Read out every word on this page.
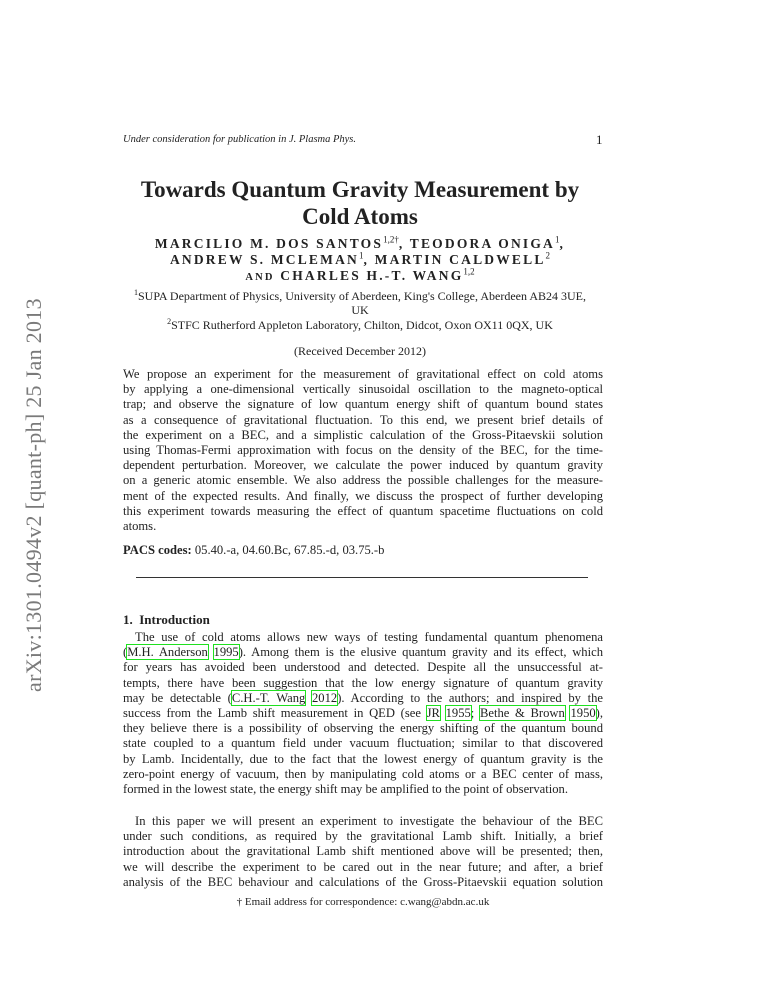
arXiv:1301.0494v2 [quant-ph] 25 Jan 2013
Under consideration for publication in J. Plasma Phys.	1
Towards Quantum Gravity Measurement by
Cold Atoms
MARCILIO M. DOS $SANTOS^{1,2\dagger}$, TEODORA ONIGA$^1$,
ANDREW S. MCLEMAN$^1$, MARTIN CALDWELL$^2$
AND CHARLES H.-T. WANG$^{1,2}$
$^1$SUPA Department of Physics, University of Aberdeen, King's College, Aberdeen AB24 3UE,
UK
$^2$STFC Rutherford Appleton Laboratory, Chilton, Didcot, Oxon OX11 0QX, UK
(Received December 2012)
We propose an experiment for the measurement of gravitational effect on cold atoms
by applying a one-dimensional vertically sinusoidal oscillation to the magneto-optical
trap; and observe the signature of low quantum energy shift of quantum bound states
as a consequence of gravitational fluctuation. To this end, we present brief details of
the experiment on a BEC, and a simplistic calculation of the Gross-Pitaevskii solution
using Thomas-Fermi approximation with focus on the density of the BEC, for the time-
dependent perturbation. Moreover, we calculate the power induced by quantum gravity
on a generic atomic ensemble. We also address the possible challenges for the measure-
ment of the expected results. And finally, we discuss the prospect of further developing
this experiment towards measuring the effect of quantum spacetime fluctuations on cold
atoms.
PACS codes: 05.40.-a, 04.60.Bc, 67.85.-d, 03.75.-b
1. Introduction
The use of cold atoms allows new ways of testing fundamental quantum phenomena
(M.H. Anderson 1995). Among them is the elusive quantum gravity and its effect, which
for years has avoided been understood and detected. Despite all the unsuccessful at-
tempts, there have been suggestion that the low energy signature of quantum gravity
may be detectable (C.H.-T. Wang 2012). According to the authors; and inspired by the
success from the Lamb shift measurement in QED (see JR 1955; Bethe & Brown 1950),
they believe there is a possibility of observing the energy shifting of the quantum bound
state coupled to a quantum field under vacuum fluctuation; similar to that discovered
by Lamb. Incidentally, due to the fact that the lowest energy of quantum gravity is the
zero-point energy of vacuum, then by manipulating cold atoms or a BEC center of mass,
formed in the lowest state, the energy shift may be amplified to the point of observation.
In this paper we will present an experiment to investigate the behaviour of the BEC
under such conditions, as required by the gravitational Lamb shift. Initially, a brief
introduction about the gravitational Lamb shift mentioned above will be presented; then,
we will describe the experiment to be cared out in the near future; and after, a brief
analysis of the BEC behaviour and calculations of the Gross-Pitaevskii equation solution
† Email address for correspondence: c.wang@abdn.ac.uk
